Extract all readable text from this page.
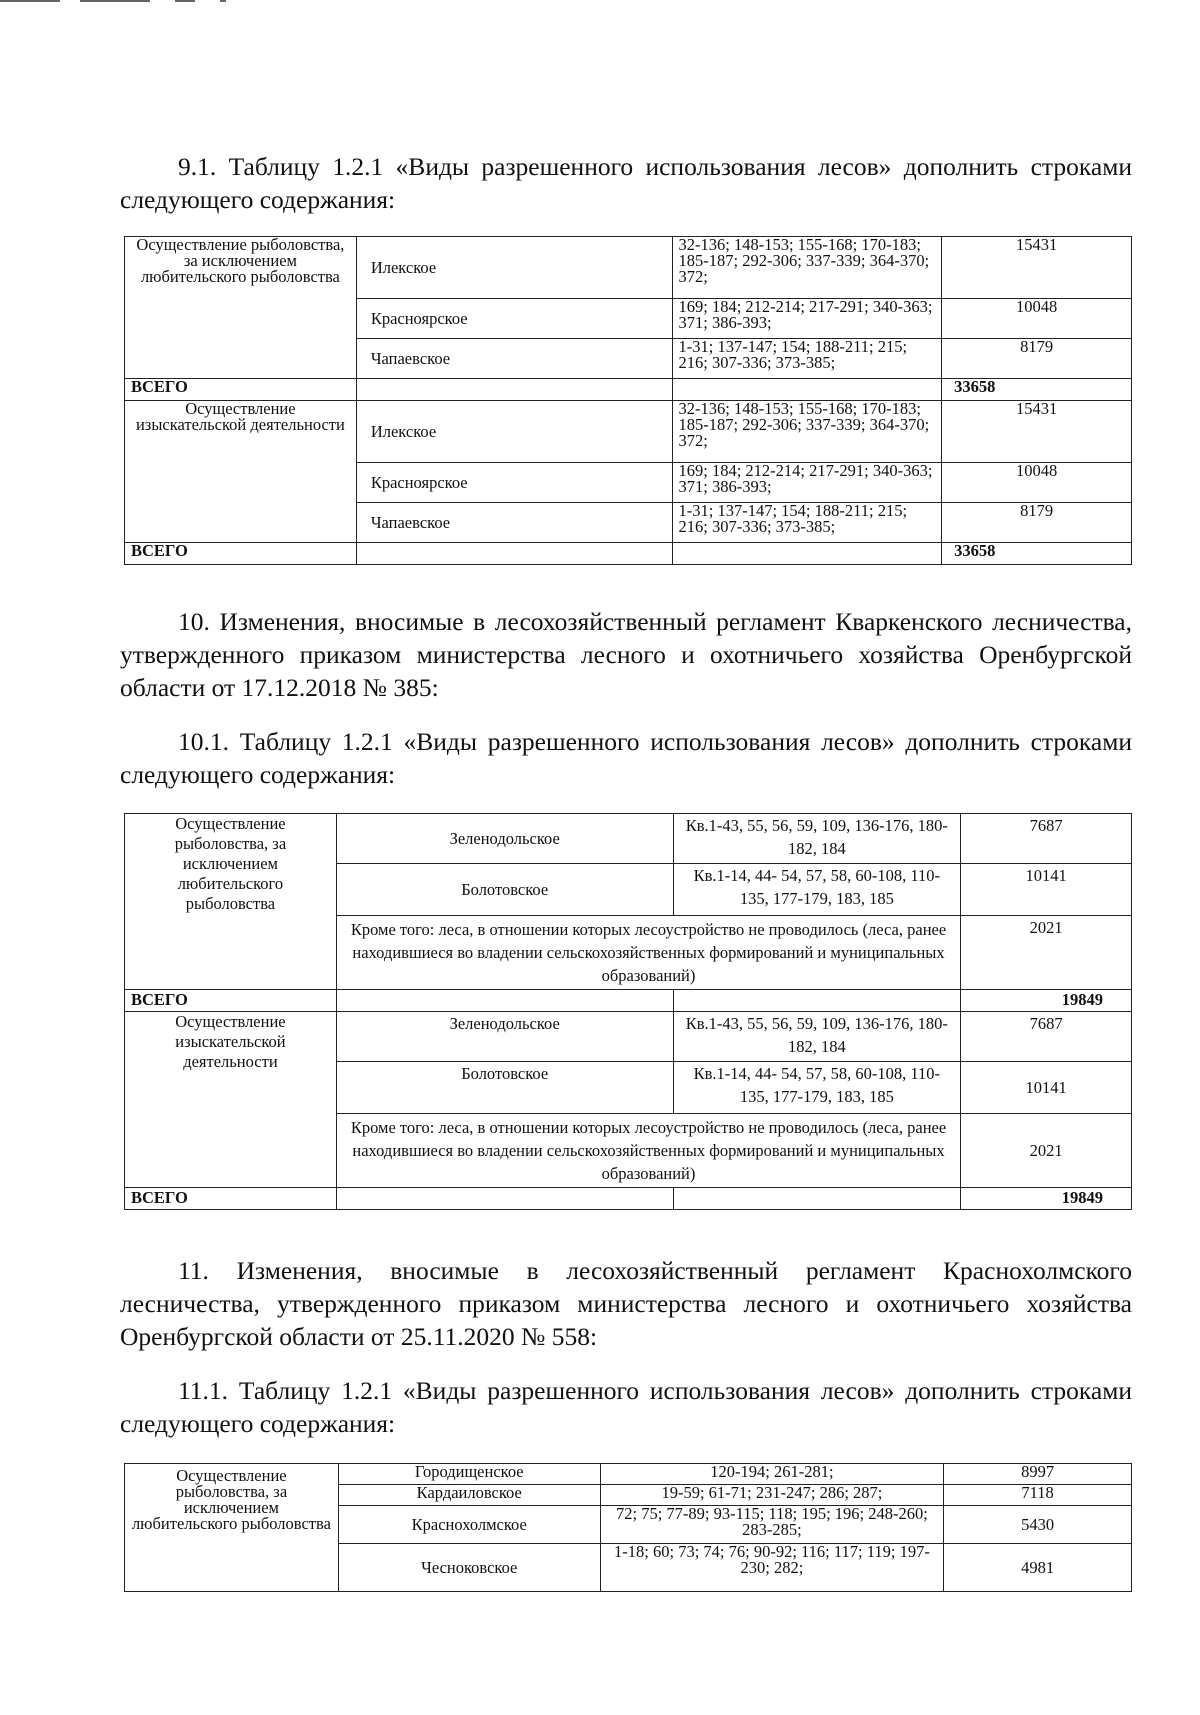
9.1. Таблицу 1.2.1 «Виды разрешенного использования лесов» дополнить строками следующего содержания:
Осуществление рыболовства, за исключением любительского рыболовства	Илекское	32-136; 148-153; 155-168; 170-183; 185-187; 292-306; 337-339; 364-370; 372;	15431
	Красноярское	169; 184; 212-214; 217-291; 340-363; 371; 386-393;	10048
	Чапаевское	1-31; 137-147; 154; 188-211; 215; 216; 307-336; 373-385;	8179
ВСЕГО			33658
Осуществление изыскательской деятельности	Илекское	32-136; 148-153; 155-168; 170-183; 185-187; 292-306; 337-339; 364-370; 372;	15431
	Красноярское	169; 184; 212-214; 217-291; 340-363; 371; 386-393;	10048
	Чапаевское	1-31; 137-147; 154; 188-211; 215; 216; 307-336; 373-385;	8179
ВСЕГО			33658
10. Изменения, вносимые в лесохозяйственный регламент Кваркенского лесничества, утвержденного приказом министерства лесного и охотничьего хозяйства Оренбургской области от 17.12.2018 № 385:
10.1. Таблицу 1.2.1 «Виды разрешенного использования лесов» дополнить строками следующего содержания:
Осуществление рыболовства, за исключением любительского рыболовства	Зеленодольское	Кв.1-43, 55, 56, 59, 109, 136-176, 180-182, 184	7687
	Болотовское	Кв.1-14, 44- 54, 57, 58, 60-108, 110-135, 177-179, 183, 185	10141
	Кроме того: леса, в отношении которых лесоустройство не проводилось (леса, ранее находившиеся во владении сельскохозяйственных формирований и муниципальных образований)		2021
ВСЕГО			19849
Осуществление изыскательской деятельности	Зеленодольское	Кв.1-43, 55, 56, 59, 109, 136-176, 180-182, 184	7687
	Болотовское	Кв.1-14, 44- 54, 57, 58, 60-108, 110-135, 177-179, 183, 185	10141
	Кроме того: леса, в отношении которых лесоустройство не проводилось (леса, ранее находившиеся во владении сельскохозяйственных формирований и муниципальных образований)		2021
ВСЕГО			19849
11. Изменения, вносимые в лесохозяйственный регламент Краснохолмского лесничества, утвержденного приказом министерства лесного и охотничьего хозяйства Оренбургской области от 25.11.2020 № 558:
11.1. Таблицу 1.2.1 «Виды разрешенного использования лесов» дополнить строками следующего содержания:
Осуществление рыболовства, за исключением любительского рыболовства	Городищенское	120-194; 261-281;	8997
	Кардаиловское	19-59; 61-71; 231-247; 286; 287;	7118
	Краснохолмское	72; 75; 77-89; 93-115; 118; 195; 196; 248-260; 283-285;	5430
	Чесноковское	1-18; 60; 73; 74; 76; 90-92; 116; 117; 119; 197-230; 282;	4981
